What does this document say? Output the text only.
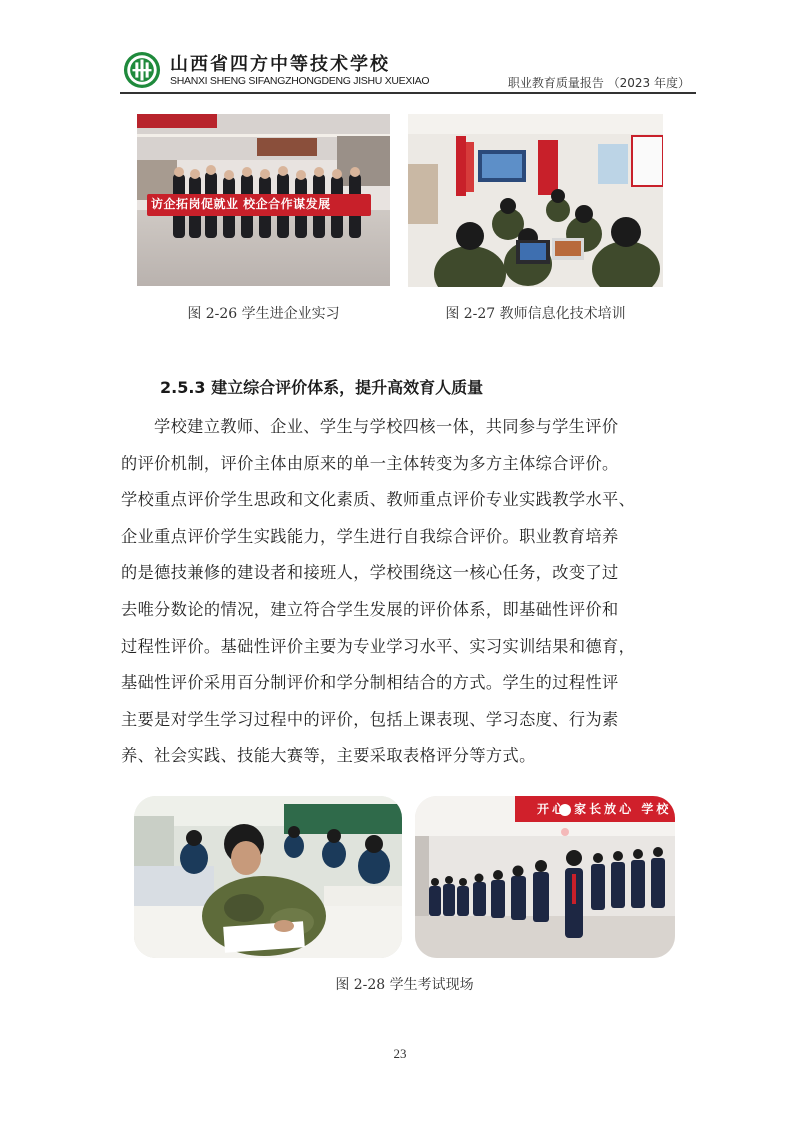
山西省四方中等技术学校
SHANXI SHENG SIFANGZHONGDENG JISHU XUEXIAO	职业教育质量报告 （2023 年度）
访企拓岗促就业 校企合作谋发展
图 2-26 学生进企业实习	图 2-27 教师信息化技术培训
2.5.3 建立综合评价体系，提升高效育人质量
学校建立教师、企业、学生与学校四核一体，共同参与学生评价
的评价机制，评价主体由原来的单一主体转变为多方主体综合评价。
学校重点评价学生思政和文化素质、教师重点评价专业实践教学水平、
企业重点评价学生实践能力，学生进行自我综合评价。职业教育培养
的是德技兼修的建设者和接班人，学校围绕这一核心任务，改变了过
去唯分数论的情况，建立符合学生发展的评价体系，即基础性评价和
过程性评价。基础性评价主要为专业学习水平、实习实训结果和德育，
基础性评价采用百分制评价和学分制相结合的方式。学生的过程性评
主要是对学生学习过程中的评价，包括上课表现、学习态度、行为素
养、社会实践、技能大赛等，主要采取表格评分等方式。
开心 家长放心 学校
图 2-28 学生考试现场
23
